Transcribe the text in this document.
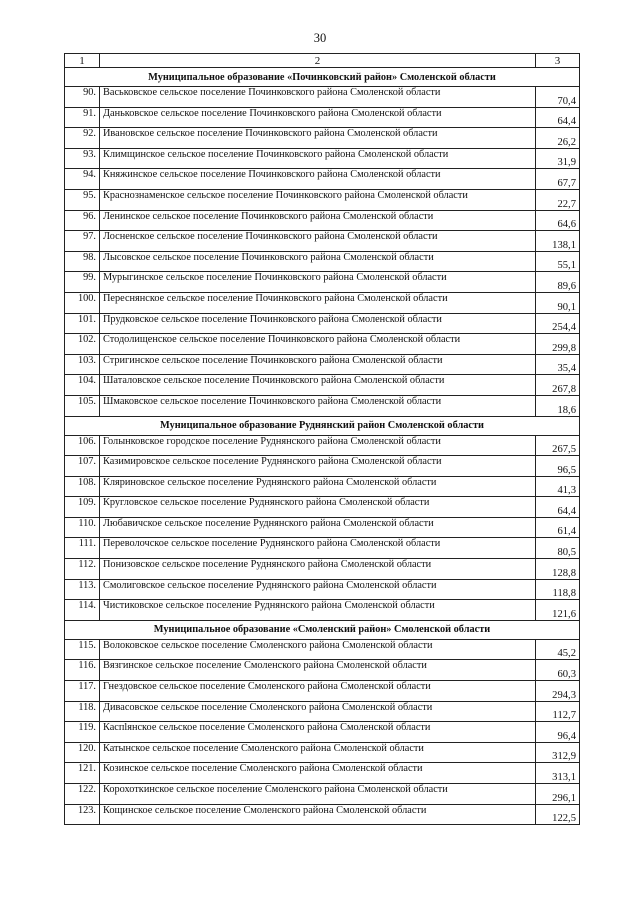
30
1	2	3
Муниципальное образование «Починковский район» Смоленской области		
90.	Васьковское сельское поселение Починковского района Смоленской области	70,4
91.	Даньковское сельское поселение Починковского района Смоленской области	64,4
92.	Ивановское сельское поселение Починковского района Смоленской области	26,2
93.	Климщинское сельское поселение Починковского района Смоленской области	31,9
94.	Княжинское сельское поселение Починковского района Смоленской области	67,7
95.	Краснознаменское сельское поселение Починковского района Смоленской области	22,7
96.	Ленинское сельское поселение Починковского района Смоленской области	64,6
97.	Лосненское сельское поселение Починковского района Смоленской области	138,1
98.	Лысовское сельское поселение Починковского района Смоленской области	55,1
99.	Мурыгинское сельское поселение Починковского района Смоленской области	89,6
100.	Переснянское сельское поселение Починковского района Смоленской области	90,1
101.	Прудковское сельское поселение Починковского района Смоленской области	254,4
102.	Стодолищенское сельское поселение Починковского района Смоленской области	299,8
103.	Стригинское сельское поселение Починковского района Смоленской области	35,4
104.	Шаталовское сельское поселение Починковского района Смоленской области	267,8
105.	Шмаковское сельское поселение Починковского района Смоленской области	18,6
Муниципальное образование Руднянский район Смоленской области		
106.	Голынковское городское поселение Руднянского района Смоленской области	267,5
107.	Казимировское сельское поселение Руднянского района Смоленской области	96,5
108.	Кляриновское сельское поселение Руднянского района Смоленской области	41,3
109.	Кругловское сельское поселение Руднянского района Смоленской области	64,4
110.	Любавичское сельское поселение Руднянского района Смоленской области	61,4
111.	Переволочское сельское поселение Руднянского района Смоленской области	80,5
112.	Понизовское сельское поселение Руднянского района Смоленской области	128,8
113.	Смолиговское сельское поселение Руднянского района Смоленской области	118,8
114.	Чистиковское сельское поселение Руднянского района Смоленской области	121,6
Муниципальное образование «Смоленский район» Смоленской области		
115.	Волоковское сельское поселение Смоленского района Смоленской области	45,2
116.	Вязгинское сельское поселение Смоленского района Смоленской области	60,3
117.	Гнездовское сельское поселение Смоленского района Смоленской области	294,3
118.	Дивасовское сельское поселение Смоленского района Смоленской области	112,7
119.	Каспlянское сельское поселение Смоленского района Смоленской области	96,4
120.	Катынское сельское поселение Смоленского района Смоленской области	312,9
121.	Козинское сельское поселение Смоленского района Смоленской области	313,1
122.	Корохоткинское сельское поселение Смоленского района Смоленской области	296,1
123.	Кощинское сельское поселение Смоленского района Смоленской области	122,5
